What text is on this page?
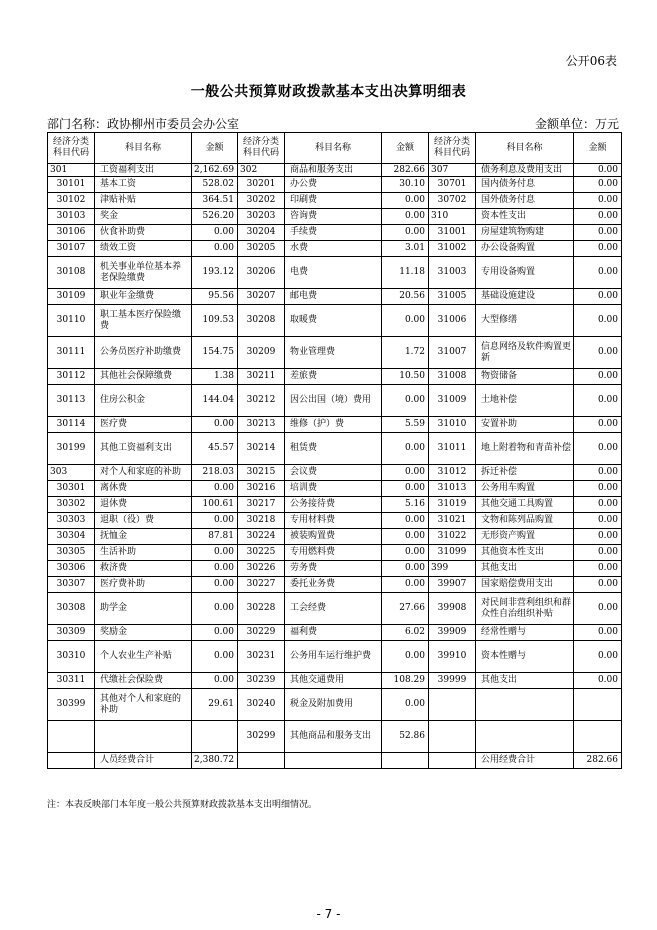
公开06表
一般公共预算财政拨款基本支出决算明细表
部门名称：政协柳州市委员会办公室	金额单位：万元
经济分类科目代码	科目名称	金额	经济分类科目代码	科目名称	金额	经济分类科目代码	科目名称	金额
301	工资福利支出	2,162.69	302	商品和服务支出	282.66	307	债务利息及费用支出	0.00
30101	基本工资	528.02	30201	办公费	30.10	30701	国内债务付息	0.00
30102	津贴补贴	364.51	30202	印刷费	0.00	30702	国外债务付息	0.00
30103	奖金	526.20	30203	咨询费	0.00	310	资本性支出	0.00
30106	伙食补助费	0.00	30204	手续费	0.00	31001	房屋建筑物购建	0.00
30107	绩效工资	0.00	30205	水费	3.01	31002	办公设备购置	0.00
30108	机关事业单位基本养老保险缴费	193.12	30206	电费	11.18	31003	专用设备购置	0.00
30109	职业年金缴费	95.56	30207	邮电费	20.56	31005	基础设施建设	0.00
30110	职工基本医疗保险缴费	109.53	30208	取暖费	0.00	31006	大型修缮	0.00
30111	公务员医疗补助缴费	154.75	30209	物业管理费	1.72	31007	信息网络及软件购置更新	0.00
30112	其他社会保障缴费	1.38	30211	差旅费	10.50	31008	物资储备	0.00
30113	住房公积金	144.04	30212	因公出国（境）费用	0.00	31009	土地补偿	0.00
30114	医疗费	0.00	30213	维修（护）费	5.59	31010	安置补助	0.00
30199	其他工资福利支出	45.57	30214	租赁费	0.00	31011	地上附着物和青苗补偿	0.00
303	对个人和家庭的补助	218.03	30215	会议费	0.00	31012	拆迁补偿	0.00
30301	离休费	0.00	30216	培训费	0.00	31013	公务用车购置	0.00
30302	退休费	100.61	30217	公务接待费	5.16	31019	其他交通工具购置	0.00
30303	退职（役）费	0.00	30218	专用材料费	0.00	31021	文物和陈列品购置	0.00
30304	抚恤金	87.81	30224	被装购置费	0.00	31022	无形资产购置	0.00
30305	生活补助	0.00	30225	专用燃料费	0.00	31099	其他资本性支出	0.00
30306	救济费	0.00	30226	劳务费	0.00	399	其他支出	0.00
30307	医疗费补助	0.00	30227	委托业务费	0.00	39907	国家赔偿费用支出	0.00
30308	助学金	0.00	30228	工会经费	27.66	39908	对民间非营利组织和群众性自治组织补贴	0.00
30309	奖励金	0.00	30229	福利费	6.02	39909	经常性赠与	0.00
30310	个人农业生产补贴	0.00	30231	公务用车运行维护费	0.00	39910	资本性赠与	0.00
30311	代缴社会保险费	0.00	30239	其他交通费用	108.29	39999	其他支出	0.00
30399	其他对个人和家庭的补助	29.61	30240	税金及附加费用	0.00			
			30299	其他商品和服务支出	52.86			
	人员经费合计	2,380.72					公用经费合计	282.66
注：本表反映部门本年度一般公共预算财政拨款基本支出明细情况。
- 7 -
